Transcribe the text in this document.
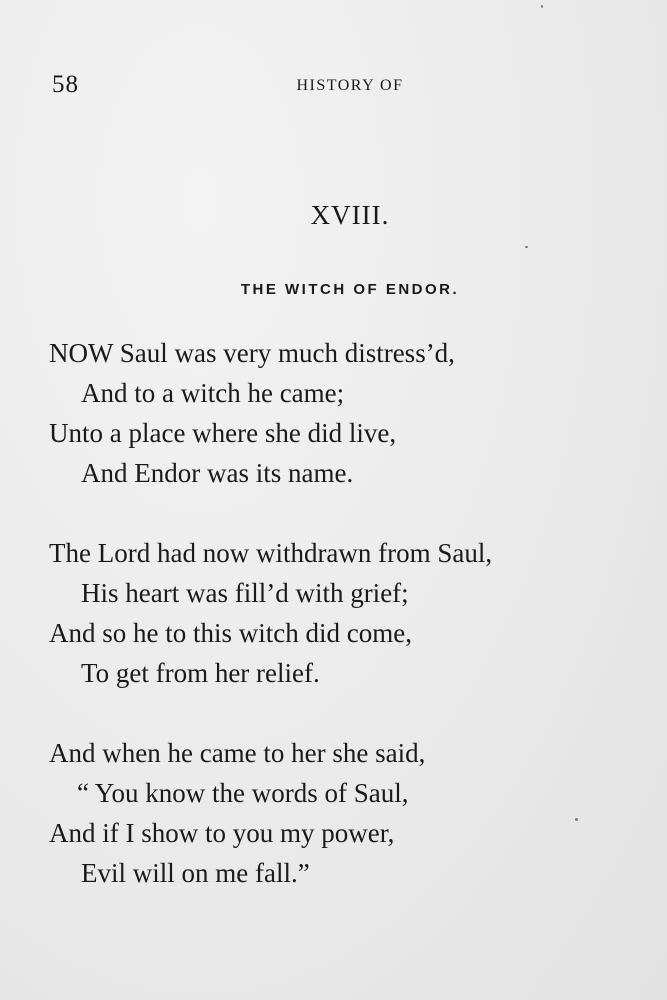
58	HISTORY OF
XVIII.
THE WITCH OF ENDOR.
NOW Saul was very much distress’d,
And to a witch he came;
Unto a place where she did live,
And Endor was its name.
The Lord had now withdrawn from Saul,
His heart was fill’d with grief;
And so he to this witch did come,
To get from her relief.
And when he came to her she said,
“ You know the words of Saul,
And if I show to you my power,
Evil will on me fall.”
